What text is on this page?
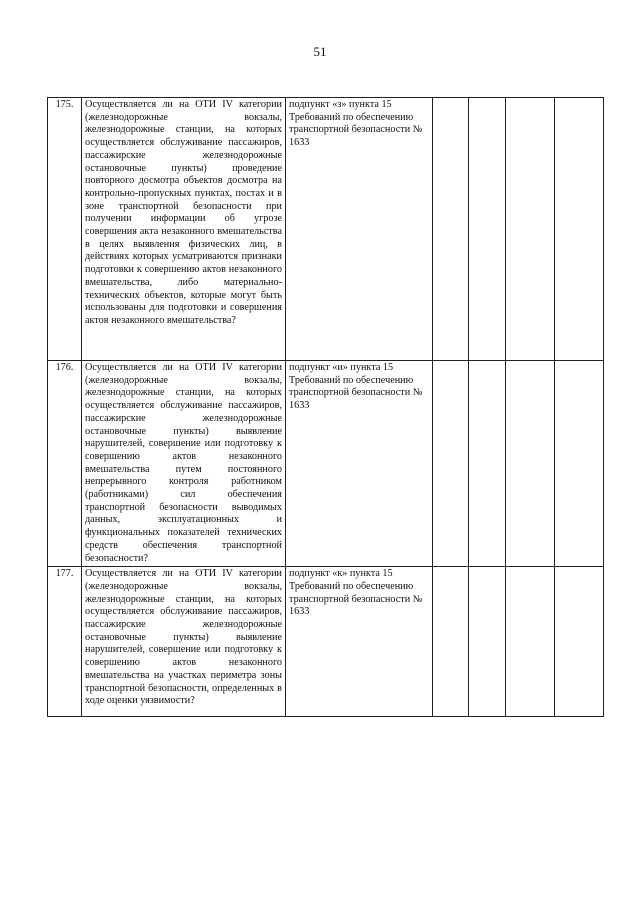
51
175.	Осуществляется ли на ОТИ IV категории (железнодорожные вокзалы, железнодорожные станции, на которых осуществляется обслуживание пассажиров, пассажирские железнодорожные остановочные пункты) проведение повторного досмотра объектов досмотра на контрольно-пропускных пунктах, постах и в зоне транспортной безопасности при получении информации об угрозе совершения акта незаконного вмешательства в целях выявления физических лиц, в действиях которых усматриваются признаки подготовки к совершению актов незаконного вмешательства, либо материально-технических объектов, которые могут быть использованы для подготовки и совершения актов незаконного вмешательства?	подпункт «з» пункта 15 Требований по обеспечению транспортной безопасности № 1633				
176.	Осуществляется ли на ОТИ IV категории (железнодорожные вокзалы, железнодорожные станции, на которых осуществляется обслуживание пассажиров, пассажирские железнодорожные остановочные пункты) выявление нарушителей, совершение или подготовку к совершению актов незаконного вмешательства путем постоянного непрерывного контроля работником (работниками) сил обеспечения транспортной безопасности выводимых данных, эксплуатационных и функциональных показателей технических средств обеспечения транспортной безопасности?	подпункт «и» пункта 15 Требований по обеспечению транспортной безопасности № 1633				
177.	Осуществляется ли на ОТИ IV категории (железнодорожные вокзалы, железнодорожные станции, на которых осуществляется обслуживание пассажиров, пассажирские железнодорожные остановочные пункты) выявление нарушителей, совершение или подготовку к совершению актов незаконного вмешательства на участках периметра зоны транспортной безопасности, определенных в ходе оценки уязвимости?	подпункт «к» пункта 15 Требований по обеспечению транспортной безопасности № 1633				
